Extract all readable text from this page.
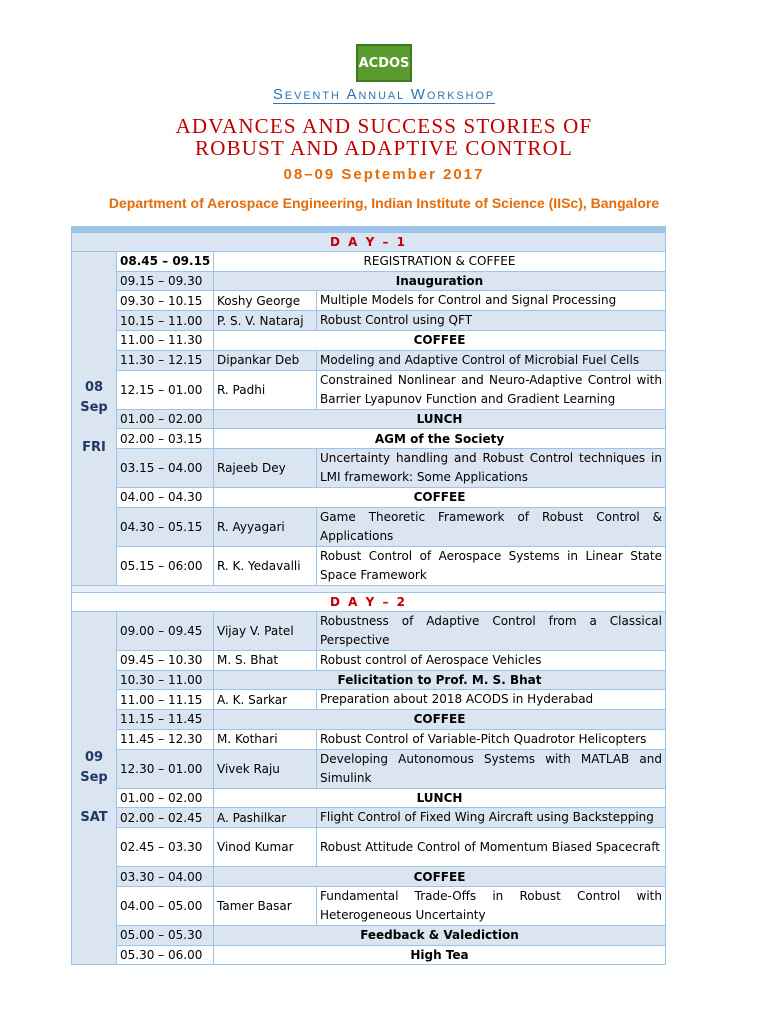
ACDOS
SEVENTH ANNUAL WORKSHOP
ADVANCES AND SUCCESS STORIES OF
ROBUST AND ADAPTIVE CONTROL
08–09 September 2017
Department of Aerospace Engineering, Indian Institute of Science (IISc), Bangalore

D A Y – 1			

08
Sep
FRI	08.45 – 09.15	REGISTRATION & COFFEE	
	09.15 – 09.30	Inauguration	
	09.30 – 10.15	Koshy George	Multiple Models for Control and Signal Processing
	10.15 – 11.00	P. S. V. Nataraj	Robust Control using QFT
	11.00 – 11.30	COFFEE	
	11.30 – 12.15	Dipankar Deb	Modeling and Adaptive Control of Microbial Fuel Cells
	12.15 – 01.00	R. Padhi	Constrained Nonlinear and Neuro-Adaptive Control with Barrier Lyapunov Function and Gradient Learning
	01.00 – 02.00	LUNCH	
	02.00 – 03.15	AGM of the Society	
	03.15 – 04.00	Rajeeb Dey	Uncertainty handling and Robust Control techniques in LMI framework: Some Applications
	04.00 – 04.30	COFFEE	
	04.30 – 05.15	R. Ayyagari	Game Theoretic Framework of Robust Control & Applications
	05.15 – 06:00	R. K. Yedavalli	Robust Control of Aerospace Systems in Linear State Space Framework

D A Y – 2			

09
Sep
SAT	09.00 – 09.45	Vijay V. Patel	Robustness of Adaptive Control from a Classical Perspective
	09.45 – 10.30	M. S. Bhat	Robust control of Aerospace Vehicles
	10.30 – 11.00	Felicitation to Prof. M. S. Bhat	
	11.00 – 11.15	A. K. Sarkar	Preparation about 2018 ACODS in Hyderabad
	11.15 – 11.45	COFFEE	
	11.45 – 12.30	M. Kothari	Robust Control of Variable-Pitch Quadrotor Helicopters
	12.30 – 01.00	Vivek Raju	Developing Autonomous Systems with MATLAB and Simulink
	01.00 – 02.00	LUNCH	
	02.00 – 02.45	A. Pashilkar	Flight Control of Fixed Wing Aircraft using Backstepping
	02.45 – 03.30	Vinod Kumar	Robust Attitude Control of Momentum Biased Spacecraft
	03.30 – 04.00	COFFEE	
	04.00 – 05.00	Tamer Basar	Fundamental Trade-Offs in Robust Control with Heterogeneous Uncertainty
	05.00 – 05.30	Feedback & Valediction	
	05.30 – 06.00	High Tea	
